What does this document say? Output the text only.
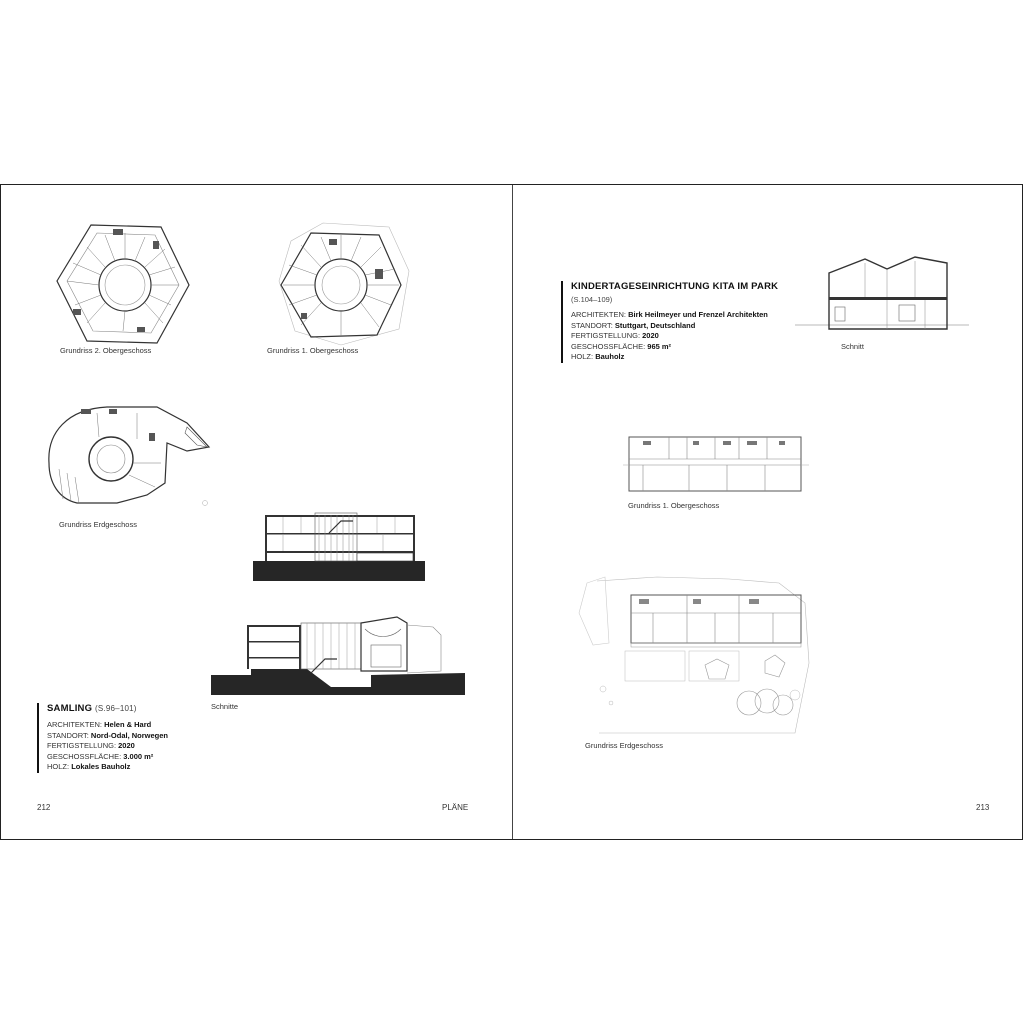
Grundriss 2. Obergeschoss	Grundriss 1. Obergeschoss
Grundriss Erdgeschoss
Schnitte
SAMLING (S.96–101)
ARCHITEKTEN: Helen & Hard
STANDORT: Nord-Odal, Norwegen
FERTIGSTELLUNG: 2020
GESCHOSSFLÄCHE: 3.000 m²
HOLZ: Lokales Bauholz
212	PLÄNE
KINDERTAGESEINRICHTUNG KITA IM PARK
(S.104–109)
ARCHITEKTEN: Birk Heilmeyer und Frenzel Architekten
STANDORT: Stuttgart, Deutschland
FERTIGSTELLUNG: 2020
GESCHOSSFLÄCHE: 965 m²
HOLZ: Bauholz
Schnitt
Grundriss 1. Obergeschoss
Grundriss Erdgeschoss
213
